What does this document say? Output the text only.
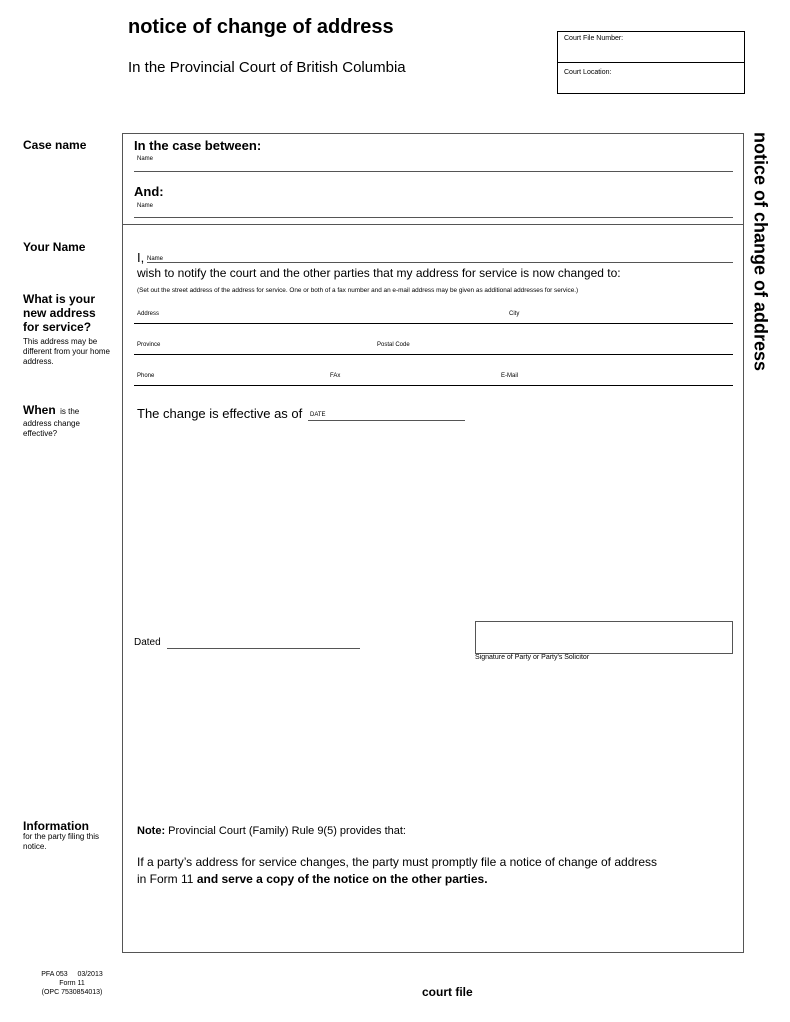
notice of change of address
In the Provincial Court of British Columbia
Court File Number:
Court Location:
Case name
Your Name
What is your new address for service?
This address may be different from your home address.
When is the
address change effective?
Information
for the party filing this notice.
In the case between:
Name
And:
Name
I, Name
wish to notify the court and the other parties that my address for service is now changed to:
(Set out the street address of the address for service. One or both of a fax number and an e-mail address may be given as additional addresses for service.)
Address	City
Province	Postal Code
Phone	FAx	E-Mail
The change is effective as of DATE
Dated
Signature of Party or Party's Solicitor
Note: Provincial Court (Family) Rule 9(5) provides that:
If a party’s address for service changes, the party must promptly file a notice of change of address
in Form 11 and serve a copy of the notice on the other parties.
notice of change of address
PFA 053 03/2013
Form 11
(OPC 7530854013)	court file
